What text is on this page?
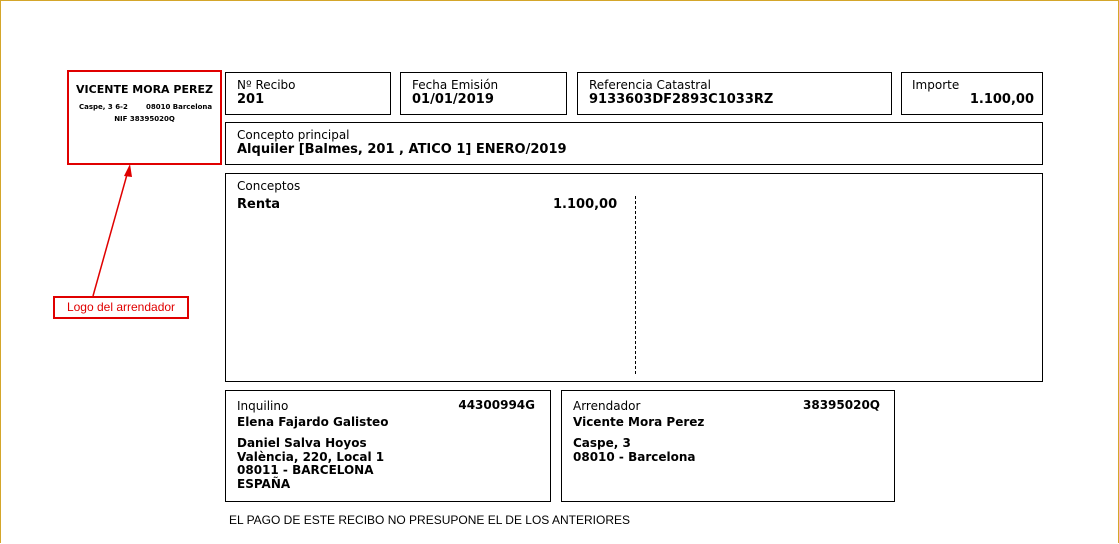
VICENTE MORA PEREZ
Caspe, 3 6-2	08010 Barcelona
NIF 38395020Q
Logo del arrendador
Nº Recibo
201
Fecha Emisión
01/01/2019
Referencia Catastral
9133603DF2893C1033RZ
Importe
1.100,00
Concepto principal
Alquiler [Balmes, 201 , ATICO 1] ENERO/2019
Conceptos
Renta	1.100,00
Inquilino	44300994G
Elena Fajardo Galisteo
Daniel Salva Hoyos
València, 220, Local 1
08011 - BARCELONA
ESPAÑA
Arrendador	38395020Q
Vicente Mora Perez
Caspe, 3
08010 - Barcelona
EL PAGO DE ESTE RECIBO NO PRESUPONE EL DE LOS ANTERIORES
